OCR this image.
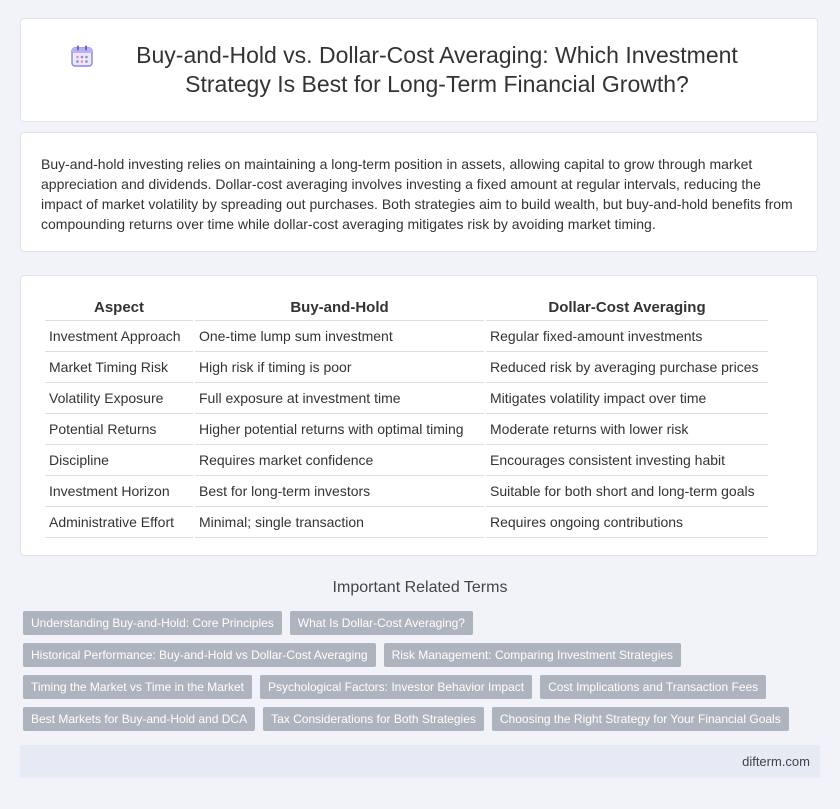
Buy-and-Hold vs. Dollar-Cost Averaging: Which Investment Strategy Is Best for Long-Term Financial Growth?

Buy-and-hold investing relies on maintaining a long-term position in assets, allowing capital to grow through market appreciation and dividends. Dollar-cost averaging involves investing a fixed amount at regular intervals, reducing the impact of market volatility by spreading out purchases. Both strategies aim to build wealth, but buy-and-hold benefits from compounding returns over time while dollar-cost averaging mitigates risk by avoiding market timing.

Aspect	Buy-and-Hold	Dollar-Cost Averaging
Investment Approach	One-time lump sum investment	Regular fixed-amount investments
Market Timing Risk	High risk if timing is poor	Reduced risk by averaging purchase prices
Volatility Exposure	Full exposure at investment time	Mitigates volatility impact over time
Potential Returns	Higher potential returns with optimal timing	Moderate returns with lower risk
Discipline	Requires market confidence	Encourages consistent investing habit
Investment Horizon	Best for long-term investors	Suitable for both short and long-term goals
Administrative Effort	Minimal; single transaction	Requires ongoing contributions
Important Related Terms
Understanding Buy-and-Hold: Core Principles	What Is Dollar-Cost Averaging?
Historical Performance: Buy-and-Hold vs Dollar-Cost Averaging	Risk Management: Comparing Investment Strategies
Timing the Market vs Time in the Market	Psychological Factors: Investor Behavior Impact	Cost Implications and Transaction Fees
Best Markets for Buy-and-Hold and DCA	Tax Considerations for Both Strategies	Choosing the Right Strategy for Your Financial Goals
difterm.com
